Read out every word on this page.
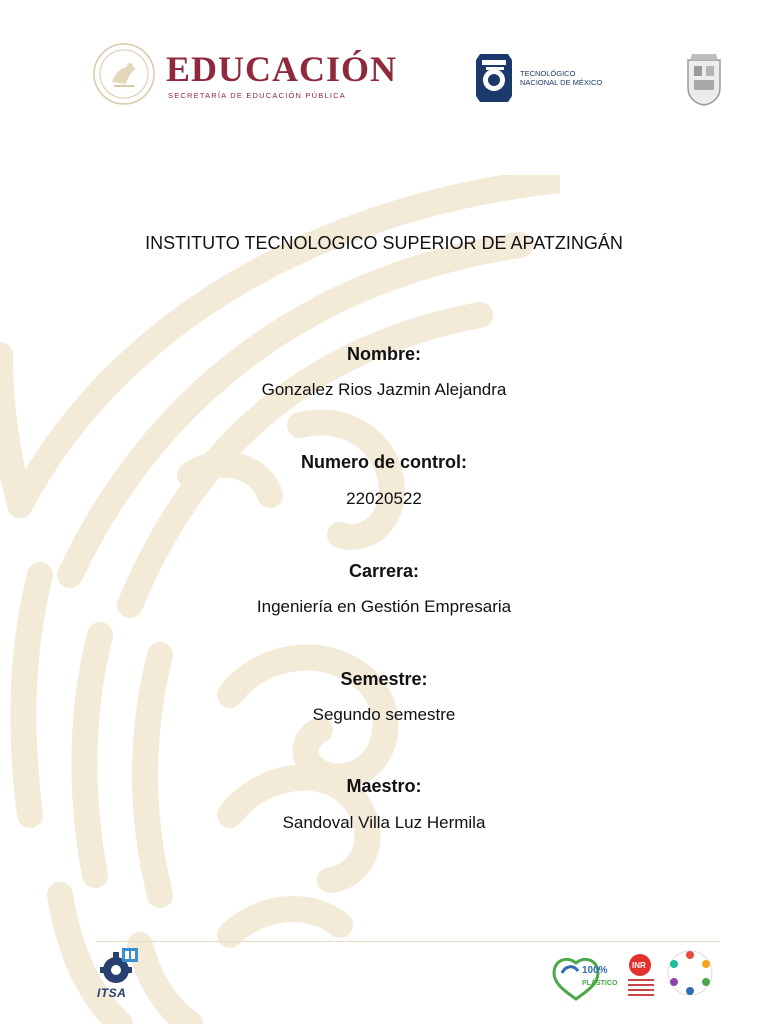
EDUCACIÓN
SECRETARÍA DE EDUCACIÓN PÚBLICA
TECNOLÓGICO
NACIONAL DE MÉXICO
INSTITUTO TECNOLOGICO SUPERIOR DE APATZINGÁN
Nombre:
Gonzalez Rios Jazmin Alejandra
Numero de control:
22020522
Carrera:
Ingeniería en Gestión Empresaria
Semestre:
Segundo semestre
Maestro:
Sandoval Villa Luz Hermila
ITSA
100%
PLÁSTICO
INR
